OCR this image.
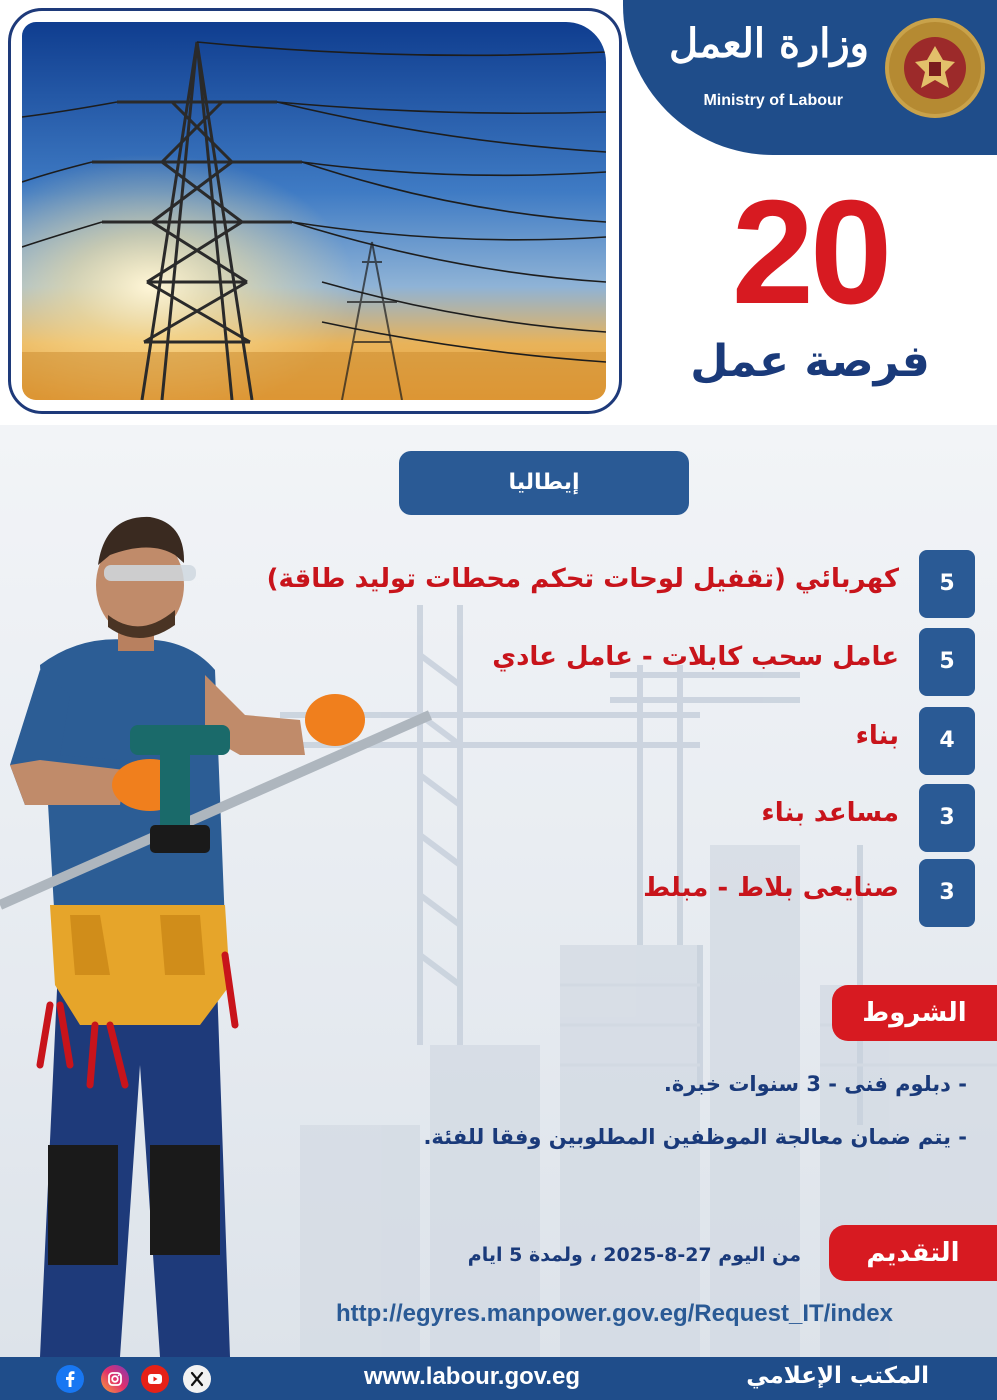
وزارة العمل
Ministry of Labour
20
فرصة عمل
إيطاليا
5
كهربائي (تقفيل لوحات تحكم محطات توليد طاقة)
5
عامل سحب كابلات - عامل عادي
4
بناء
3
مساعد بناء
3
صنايعى بلاط - مبلط
الشروط
- دبلوم فنى - 3 سنوات خبرة.
- يتم ضمان معالجة الموظفين المطلوبين وفقا للفئة.
التقديم
من اليوم 27-8-2025 ، ولمدة 5 ايام
http://egyres.manpower.gov.eg/Request_IT/index
www.labour.gov.eg	المكتب الإعلامي
